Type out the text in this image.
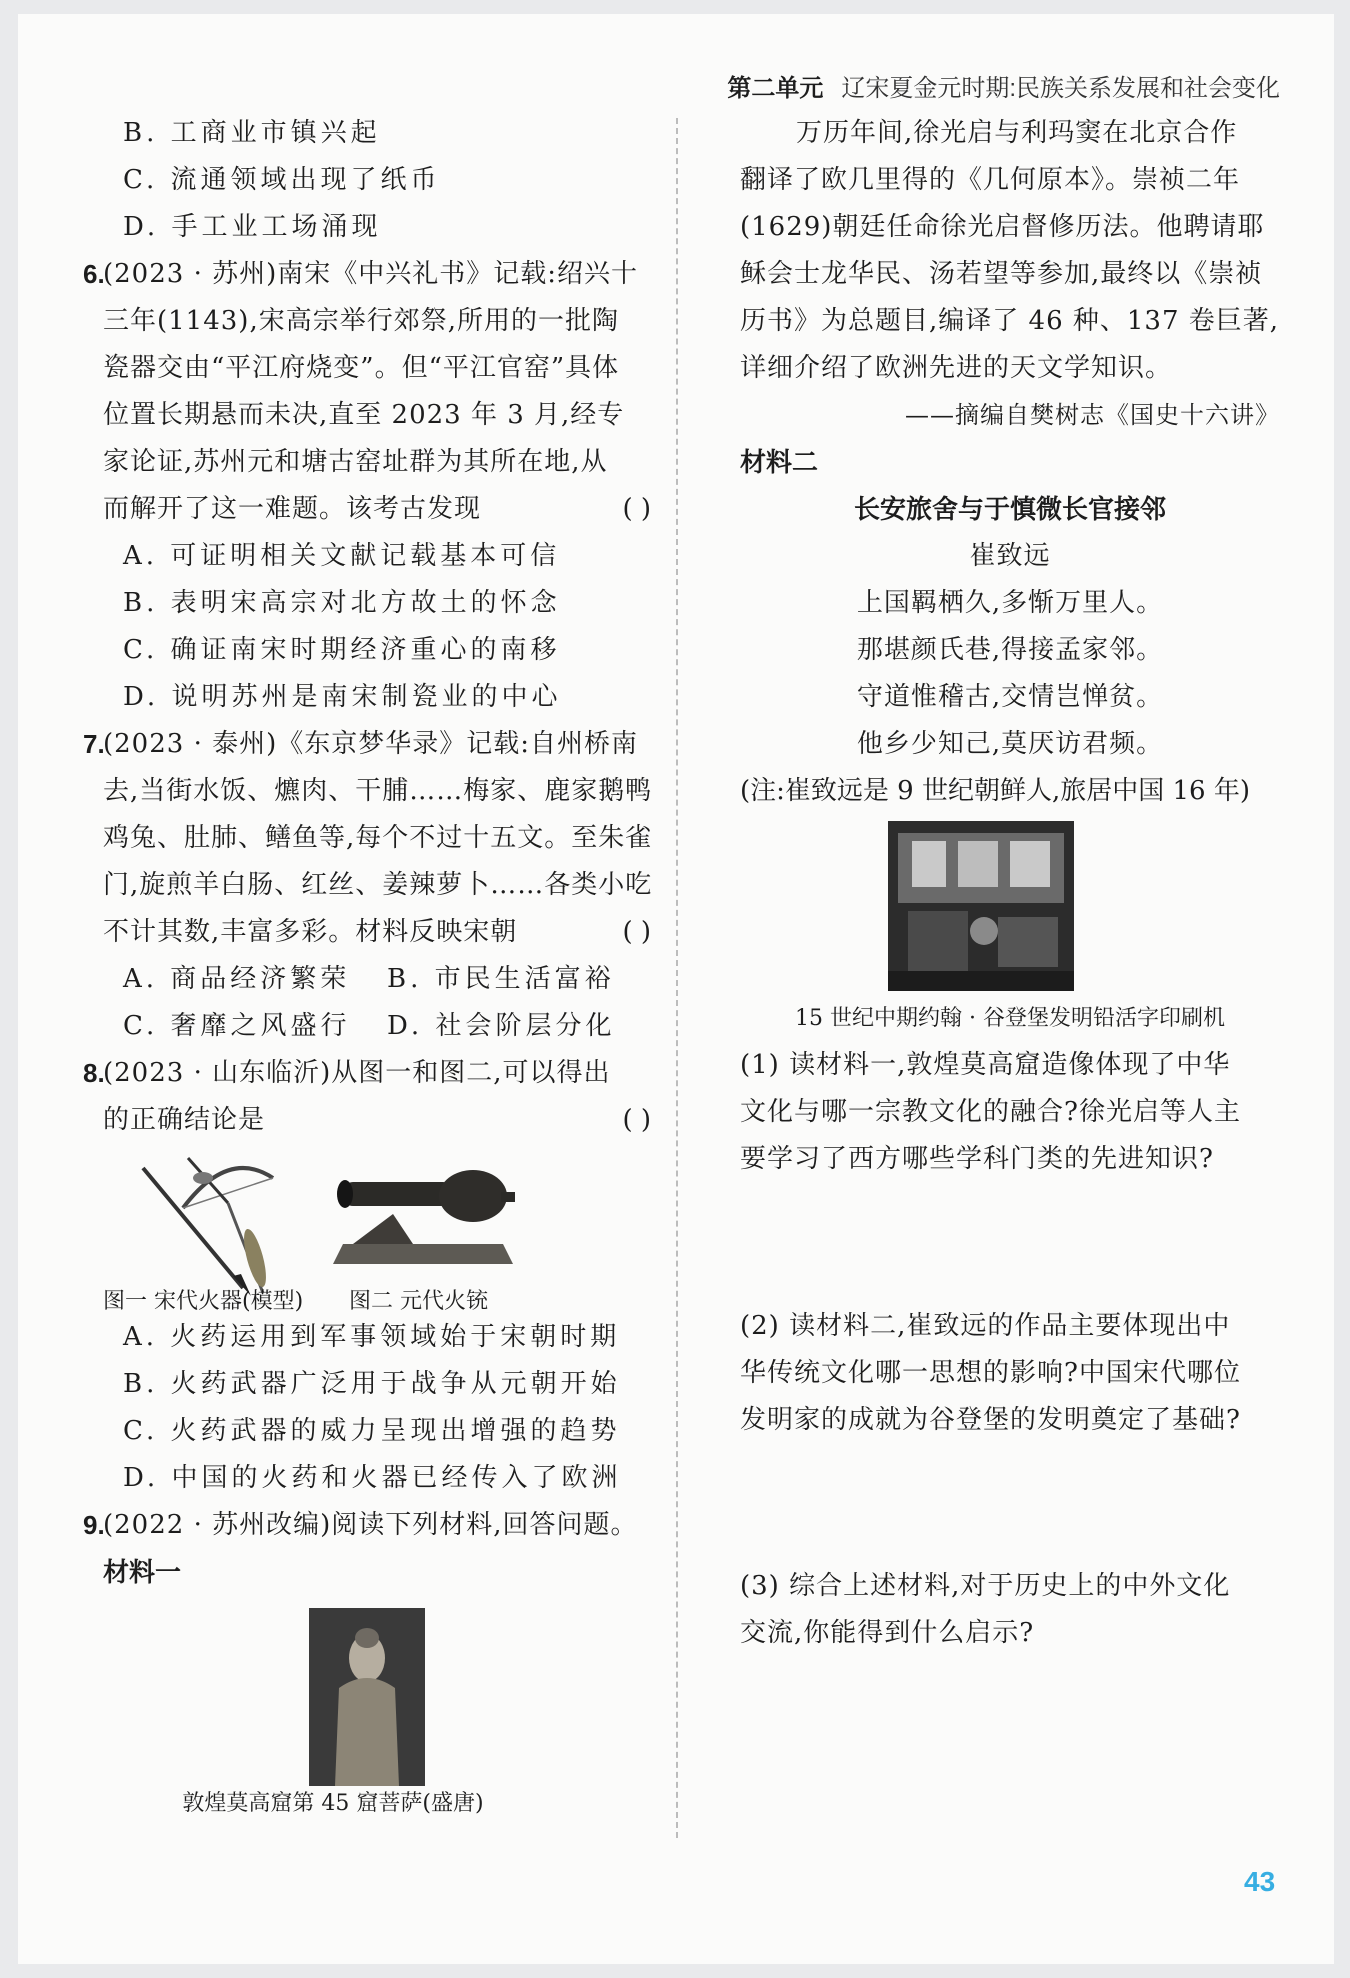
第二单元 辽宋夏金元时期:民族关系发展和社会变化
B. 工商业市镇兴起
C. 流通领域出现了纸币
D. 手工业工场涌现
6.
(2023 · 苏州)南宋《中兴礼书》记载:绍兴十
三年(1143),宋高宗举行郊祭,所用的一批陶
瓷器交由“平江府烧变”。但“平江官窑”具体
位置长期悬而未决,直至 2023 年 3 月,经专
家论证,苏州元和塘古窑址群为其所在地,从
而解开了这一难题。该考古发现	( )
A. 可证明相关文献记载基本可信
B. 表明宋高宗对北方故土的怀念
C. 确证南宋时期经济重心的南移
D. 说明苏州是南宋制瓷业的中心
7.
(2023 · 泰州)《东京梦华录》记载:自州桥南
去,当街水饭、爊肉、干脯……梅家、鹿家鹅鸭
鸡兔、肚肺、鳝鱼等,每个不过十五文。至朱雀
门,旋煎羊白肠、红丝、姜辣萝卜……各类小吃
不计其数,丰富多彩。材料反映宋朝	( )
A. 商品经济繁荣	B. 市民生活富裕
C. 奢靡之风盛行	D. 社会阶层分化
8.
(2023 · 山东临沂)从图一和图二,可以得出
的正确结论是	( )
图一 宋代火器(模型) 图二 元代火铳
A. 火药运用到军事领域始于宋朝时期
B. 火药武器广泛用于战争从元朝开始
C. 火药武器的威力呈现出增强的趋势
D. 中国的火药和火器已经传入了欧洲
9.
(2022 · 苏州改编)阅读下列材料,回答问题。
材料一
敦煌莫高窟第 45 窟菩萨(盛唐)
万历年间,徐光启与利玛窦在北京合作
翻译了欧几里得的《几何原本》。崇祯二年
(1629)朝廷任命徐光启督修历法。他聘请耶
稣会士龙华民、汤若望等参加,最终以《崇祯
历书》为总题目,编译了 46 种、137 卷巨著,
详细介绍了欧洲先进的天文学知识。
——摘编自樊树志《国史十六讲》
材料二
长安旅舍与于慎微长官接邻
崔致远
上国羁栖久,多惭万里人。
那堪颜氏巷,得接孟家邻。
守道惟稽古,交情岂惮贫。
他乡少知己,莫厌访君频。
(注:崔致远是 9 世纪朝鲜人,旅居中国 16 年)
15 世纪中期约翰 · 谷登堡发明铅活字印刷机
(1) 读材料一,敦煌莫高窟造像体现了中华
文化与哪一宗教文化的融合?徐光启等人主
要学习了西方哪些学科门类的先进知识?
(2) 读材料二,崔致远的作品主要体现出中
华传统文化哪一思想的影响?中国宋代哪位
发明家的成就为谷登堡的发明奠定了基础?
(3) 综合上述材料,对于历史上的中外文化
交流,你能得到什么启示?
43
